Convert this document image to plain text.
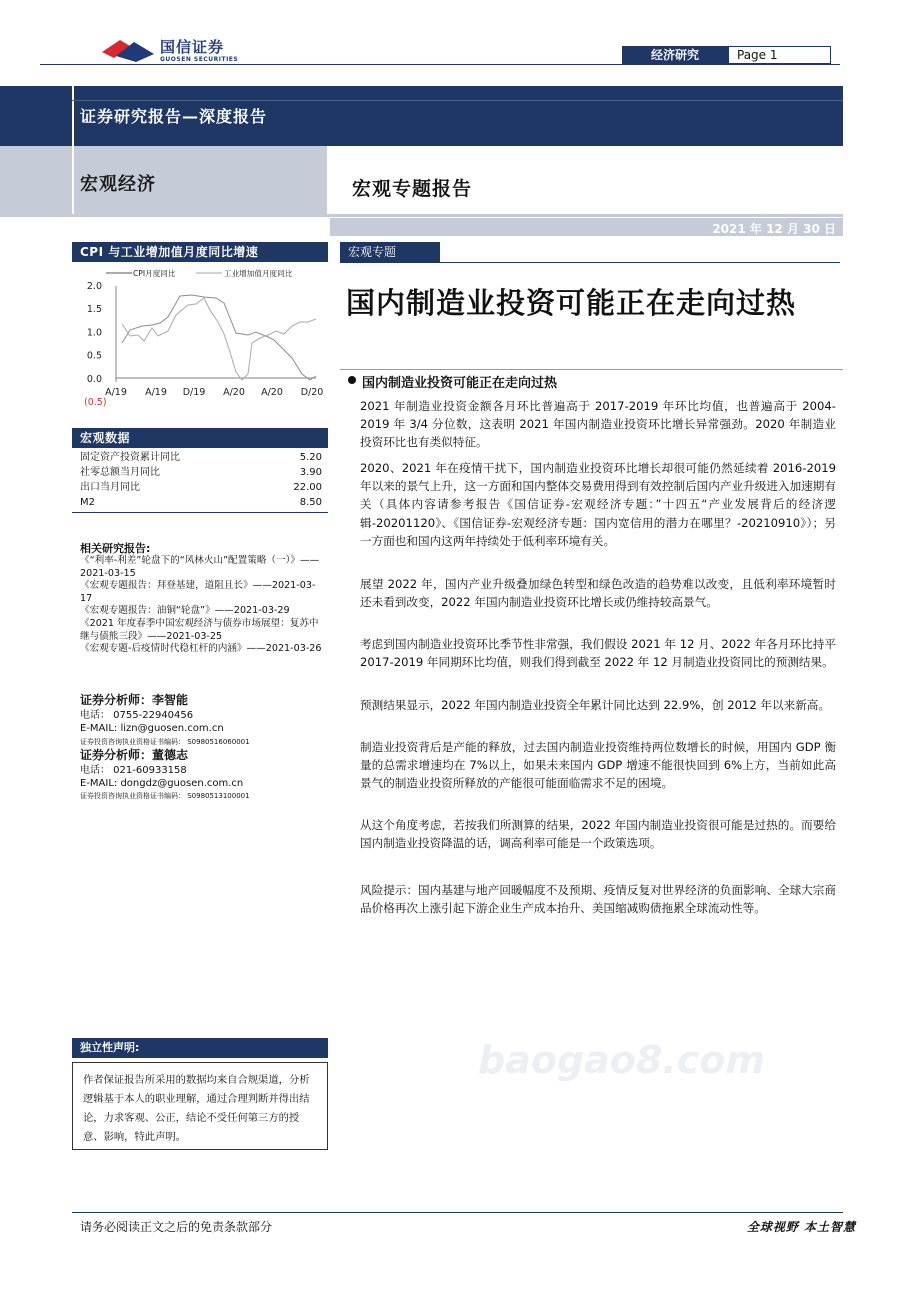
国信证券
GUOSEN SECURITIES	经济研究	Page 1
证券研究报告—深度报告
宏观经济	宏观专题报告
2021 年 12 月 30 日
CPI 与工业增加值月度同比增速
CPI月度同比	工业增加值月度同比
2.0
1.5
1.0
0.5
0.0
(0.5)
A/19 A/19 D/19 A/20 A/20 D/20
宏观数据
固定资产投资累计同比	5.20
社零总额当月同比	3.90
出口当月同比	22.00
M2	8.50
相关研究报告:
《“利率-利差”轮盘下的“风林火山”配置策略（一）》——2021-03-15
《宏观专题报告：拜登基建，道阻且长》——2021-03-17
《宏观专题报告：油铜“轮盘”》——2021-03-29
《2021 年度春季中国宏观经济与债券市场展望：复苏中继与债熊三段》——2021-03-25
《宏观专题-后疫情时代稳杠杆的内涵》——2021-03-26
证券分析师：李智能
电话： 0755-22940456
E-MAIL: lizn@guosen.com.cn
证券投资咨询执业资格证书编码： S0980516060001
证券分析师：董德志
电话： 021-60933158
E-MAIL: dongdz@guosen.com.cn
证券投资咨询执业资格证书编码： S0980513100001
独立性声明:
作者保证报告所采用的数据均来自合规渠道，分析逻辑基于本人的职业理解，通过合理判断并得出结论，力求客观、公正，结论不受任何第三方的授意、影响，特此声明。
宏观专题
国内制造业投资可能正在走向过热
国内制造业投资可能正在走向过热
2021 年制造业投资金额各月环比普遍高于 2017-2019 年环比均值，也普遍高于 2004-2019 年 3/4 分位数，这表明 2021 年国内制造业投资环比增长异常强劲。2020 年制造业投资环比也有类似特征。
2020、2021 年在疫情干扰下，国内制造业投资环比增长却很可能仍然延续着 2016-2019 年以来的景气上升，这一方面和国内整体交易费用得到有效控制后国内产业升级进入加速期有关（具体内容请参考报告《国信证券-宏观经济专题：”十四五“产业发展背后的经济逻辑-20201120》、《国信证券-宏观经济专题：国内宽信用的潜力在哪里？-20210910》）；另一方面也和国内这两年持续处于低利率环境有关。
展望 2022 年，国内产业升级叠加绿色转型和绿色改造的趋势难以改变，且低利率环境暂时还未看到改变，2022 年国内制造业投资环比增长或仍维持较高景气。
考虑到国内制造业投资环比季节性非常强，我们假设 2021 年 12 月、2022 年各月环比持平 2017-2019 年同期环比均值，则我们得到截至 2022 年 12 月制造业投资同比的预测结果。
预测结果显示，2022 年国内制造业投资全年累计同比达到 22.9%，创 2012 年以来新高。
制造业投资背后是产能的释放，过去国内制造业投资维持两位数增长的时候，用国内 GDP 衡量的总需求增速均在 7%以上，如果未来国内 GDP 增速不能很快回到 6%上方，当前如此高景气的制造业投资所释放的产能很可能面临需求不足的困境。
从这个角度考虑，若按我们所测算的结果，2022 年国内制造业投资很可能是过热的。而要给国内制造业投资降温的话，调高利率可能是一个政策选项。
风险提示：国内基建与地产回暖幅度不及预期、疫情反复对世界经济的负面影响、全球大宗商品价格再次上涨引起下游企业生产成本抬升、美国缩减购债拖累全球流动性等。
baogao8.com
请务必阅读正文之后的免责条款部分	全球视野 本土智慧
